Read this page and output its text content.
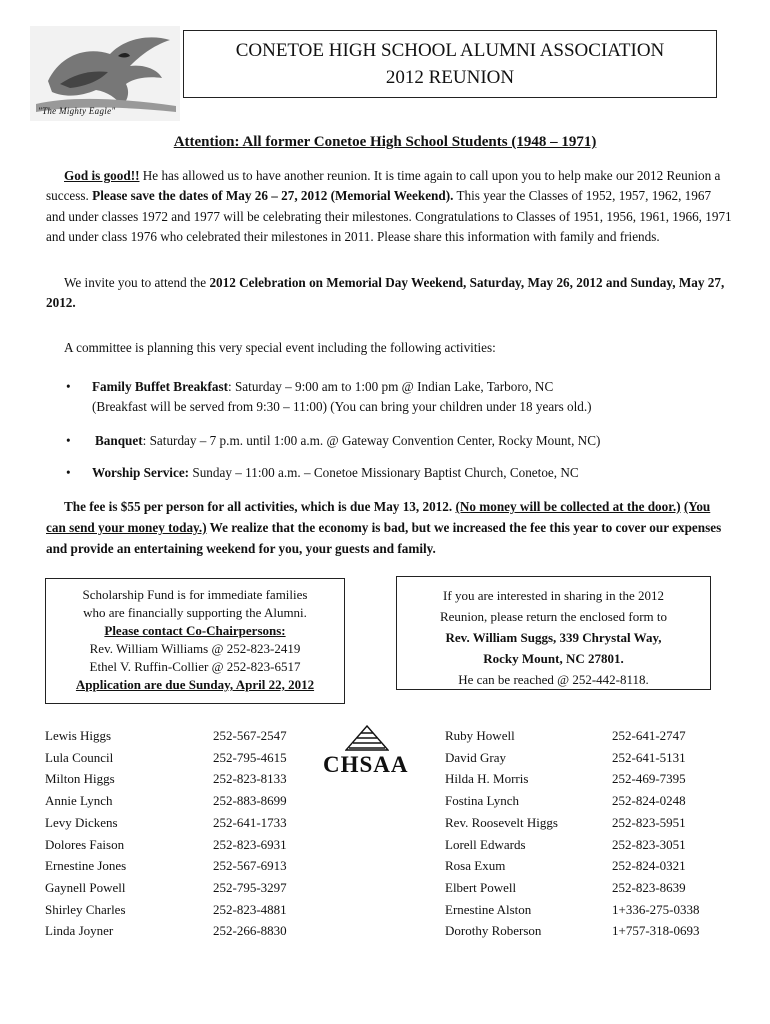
"The Mighty Eagle"
CONETOE HIGH SCHOOL ALUMNI ASSOCIATION
2012 REUNION
Attention: All former Conetoe High School Students (1948 – 1971)
God is good!! He has allowed us to have another reunion. It is time again to call upon you to help make our 2012 Reunion a success. Please save the dates of May 26 – 27, 2012 (Memorial Weekend). This year the Classes of 1952, 1957, 1962, 1967 and under classes 1972 and 1977 will be celebrating their milestones. Congratulations to Classes of 1951, 1956, 1961, 1966, 1971 and under class 1976 who celebrated their milestones in 2011. Please share this information with family and friends.
We invite you to attend the 2012 Celebration on Memorial Day Weekend, Saturday, May 26, 2012 and Sunday, May 27, 2012.
A committee is planning this very special event including the following activities:
• Family Buffet Breakfast: Saturday – 9:00 am to 1:00 pm @ Indian Lake, Tarboro, NC
(Breakfast will be served from 9:30 – 11:00) (You can bring your children under 18 years old.)
• Banquet: Saturday – 7 p.m. until 1:00 a.m. @ Gateway Convention Center, Rocky Mount, NC)
• Worship Service: Sunday – 11:00 a.m. – Conetoe Missionary Baptist Church, Conetoe, NC
The fee is $55 per person for all activities, which is due May 13, 2012. (No money will be collected at the door.) (You can send your money today.) We realize that the economy is bad, but we increased the fee this year to cover our expenses and provide an entertaining weekend for you, your guests and family.
Scholarship Fund is for immediate families
who are financially supporting the Alumni.
Please contact Co-Chairpersons:
Rev. William Williams @ 252-823-2419
Ethel V. Ruffin-Collier @ 252-823-6517
Application are due Sunday, April 22, 2012
If you are interested in sharing in the 2012
Reunion, please return the enclosed form to
Rev. William Suggs, 339 Chrystal Way,
Rocky Mount, NC 27801.
He can be reached @ 252-442-8118.
CHSAA
Lewis Higgs	252-567-2547
Lula Council	252-795-4615
Milton Higgs	252-823-8133
Annie Lynch	252-883-8699
Levy Dickens	252-641-1733
Dolores Faison	252-823-6931
Ernestine Jones	252-567-6913
Gaynell Powell	252-795-3297
Shirley Charles	252-823-4881
Linda Joyner	252-266-8830
Ruby Howell	252-641-2747
David Gray	252-641-5131
Hilda H. Morris	252-469-7395
Fostina Lynch	252-824-0248
Rev. Roosevelt Higgs	252-823-5951
Lorell Edwards	252-823-3051
Rosa Exum	252-824-0321
Elbert Powell	252-823-8639
Ernestine Alston	1+336-275-0338
Dorothy Roberson	1+757-318-0693
